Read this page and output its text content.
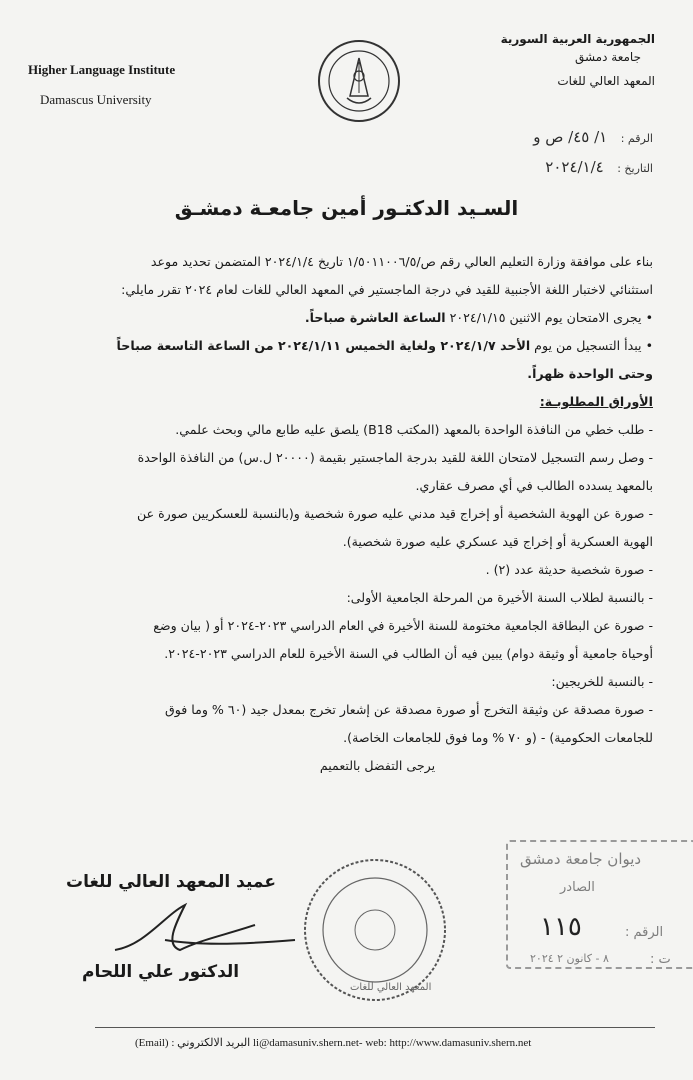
Higher Language Institute
Damascus University
الجمهورية العربية السورية
جامعة دمشق
المعهد العالي للغات
الرقم : ١/ ٤٥/ ص و
التاريخ : ٢٠٢٤/١/٤
السـيد الدكتـور أمين جامعـة دمشـق
بناء على موافقة وزارة التعليم العالي رقم ص/١/٥٠١١٠٠٦/٥ تاريخ ٢٠٢٤/١/٤ المتضمن تحديد موعد
استثنائي لاختبار اللغة الأجنبية للقيد في درجة الماجستير في المعهد العالي للغات لعام ٢٠٢٤ تقرر مايلي:
• يجرى الامتحان يوم الاثنين ٢٠٢٤/١/١٥ الساعة العاشرة صباحاً.
• يبدأ التسجيل من يوم الأحد ٢٠٢٤/١/٧ ولغاية الخميس ٢٠٢٤/١/١١ من الساعة التاسعة صباحاً
وحتى الواحدة ظهراً.
الأوراق المطلوبـة:
- طلب خطي من النافذة الواحدة بالمعهد (المكتب B18) يلصق عليه طابع مالي وبحث علمي.
- وصل رسم التسجيل لامتحان اللغة للقيد بدرجة الماجستير بقيمة (٢٠٠٠٠ ل.س) من النافذة الواحدة
بالمعهد يسدده الطالب في أي مصرف عقاري.
- صورة عن الهوية الشخصية أو إخراج قيد مدني عليه صورة شخصية و(بالنسبة للعسكريين صورة عن
الهوية العسكرية أو إخراج قيد عسكري عليه صورة شخصية).
- صورة شخصية حديثة عدد (٢) .
- بالنسبة لطلاب السنة الأخيرة من المرحلة الجامعية الأولى:
- صورة عن البطاقة الجامعية مختومة للسنة الأخيرة في العام الدراسي ٢٠٢٣-٢٠٢٤ أو ( بيان وضع
أوحياة جامعية أو وثيقة دوام) يبين فيه أن الطالب في السنة الأخيرة للعام الدراسي ٢٠٢٣-٢٠٢٤.
- بالنسبة للخريجين:
- صورة مصدقة عن وثيقة التخرج أو صورة مصدقة عن إشعار تخرج بمعدل جيد (٦٠ % وما فوق
للجامعات الحكومية) - (و ٧٠ % وما فوق للجامعات الخاصة).
يرجى التفضل بالتعميم
ديوان جامعة دمشق
الصادر
الرقم :
١١٥
ت :
٨ - كانون ٢ ٢٠٢٤
المعهد العالي للغات
عميد المعهد العالي للغات
الدكتور علي اللحام
(Email) : البريد الالكتروني li@damasuniv.shern.net- web: http://www.damasuniv.shern.net
